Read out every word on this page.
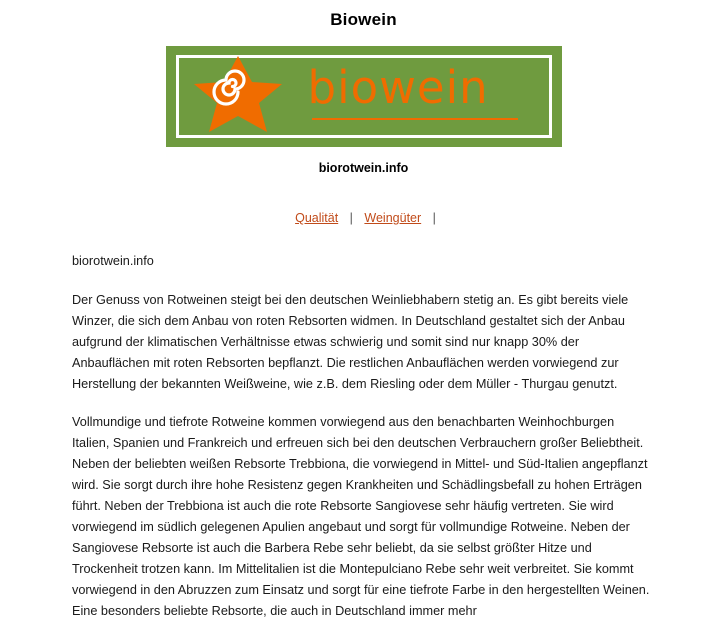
Biowein
biowein
biorotwein.info
Qualität | Weingüter |

biorotwein.info

Der Genuss von Rotweinen steigt bei den deutschen Weinliebhabern stetig an. Es gibt bereits viele Winzer, die sich dem Anbau von roten Rebsorten widmen. In Deutschland gestaltet sich der Anbau aufgrund der klimatischen Verhältnisse etwas schwierig und somit sind nur knapp 30% der Anbauflächen mit roten Rebsorten bepflanzt. Die restlichen Anbauflächen werden vorwiegend zur Herstellung der bekannten Weißweine, wie z.B. dem Riesling oder dem Müller - Thurgau genutzt.

Vollmundige und tiefrote Rotweine kommen vorwiegend aus den benachbarten Weinhochburgen Italien, Spanien und Frankreich und erfreuen sich bei den deutschen Verbrauchern großer Beliebtheit. Neben der beliebten weißen Rebsorte Trebbiona, die vorwiegend in Mittel- und Süd-Italien angepflanzt wird. Sie sorgt durch ihre hohe Resistenz gegen Krankheiten und Schädlingsbefall zu hohen Erträgen führt. Neben der Trebbiona ist auch die rote Rebsorte Sangiovese sehr häufig vertreten. Sie wird vorwiegend im südlich gelegenen Apulien angebaut und sorgt für vollmundige Rotweine. Neben der Sangiovese Rebsorte ist auch die Barbera Rebe sehr beliebt, da sie selbst größter Hitze und Trockenheit trotzen kann. Im Mittelitalien ist die Montepulciano Rebe sehr weit verbreitet. Sie kommt vorwiegend in den Abruzzen zum Einsatz und sorgt für eine tiefrote Farbe in den hergestellten Weinen. Eine besonders beliebte Rebsorte, die auch in Deutschland immer mehr
